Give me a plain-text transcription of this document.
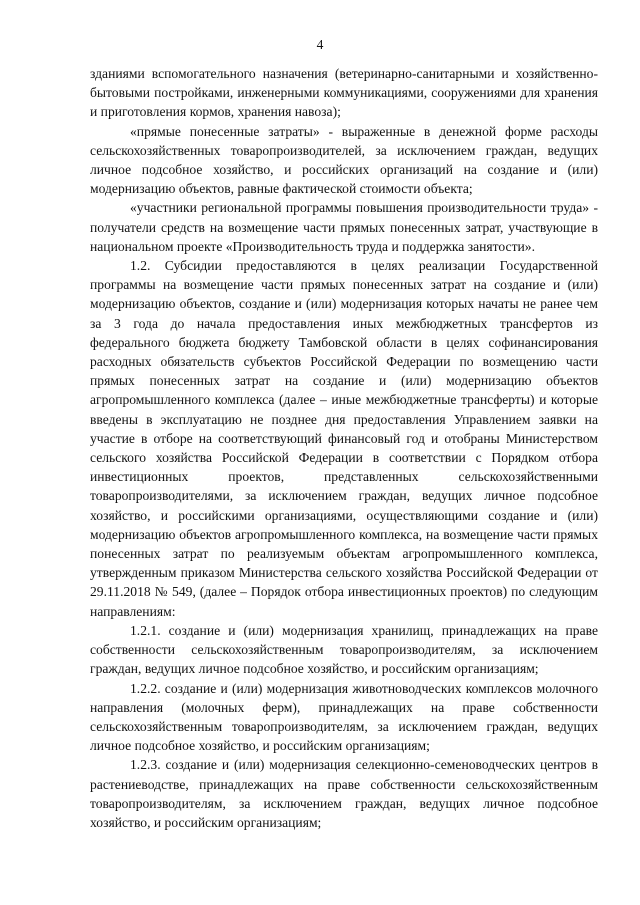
4

зданиями вспомогательного назначения (ветеринарно-санитарными и хозяйственно-бытовыми постройками, инженерными коммуникациями, сооружениями для хранения и приготовления кормов, хранения навоза);

«прямые понесенные затраты» - выраженные в денежной форме расходы сельскохозяйственных товаропроизводителей, за исключением граждан, ведущих личное подсобное хозяйство, и российских организаций на создание и (или) модернизацию объектов, равные фактической стоимости объекта;

«участники региональной программы повышения производительности труда» - получатели средств на возмещение части прямых понесенных затрат, участвующие в национальном проекте «Производительность труда и поддержка занятости».

1.2. Субсидии предоставляются в целях реализации Государственной программы на возмещение части прямых понесенных затрат на создание и (или) модернизацию объектов, создание и (или) модернизация которых начаты не ранее чем за 3 года до начала предоставления иных межбюджетных трансфертов из федерального бюджета бюджету Тамбовской области в целях софинансирования расходных обязательств субъектов Российской Федерации по возмещению части прямых понесенных затрат на создание и (или) модернизацию объектов агропромышленного комплекса (далее – иные межбюджетные трансферты) и которые введены в эксплуатацию не позднее дня предоставления Управлением заявки на участие в отборе на соответствующий финансовый год и отобраны Министерством сельского хозяйства Российской Федерации в соответствии с Порядком отбора инвестиционных проектов, представленных сельскохозяйственными товаропроизводителями, за исключением граждан, ведущих личное подсобное хозяйство, и российскими организациями, осуществляющими создание и (или) модернизацию объектов агропромышленного комплекса, на возмещение части прямых понесенных затрат по реализуемым объектам агропромышленного комплекса, утвержденным приказом Министерства сельского хозяйства Российской Федерации от 29.11.2018 № 549, (далее – Порядок отбора инвестиционных проектов) по следующим направлениям:

1.2.1. создание и (или) модернизация хранилищ, принадлежащих на праве собственности сельскохозяйственным товаропроизводителям, за исключением граждан, ведущих личное подсобное хозяйство, и российским организациям;

1.2.2. создание и (или) модернизация животноводческих комплексов молочного направления (молочных ферм), принадлежащих на праве собственности сельскохозяйственным товаропроизводителям, за исключением граждан, ведущих личное подсобное хозяйство, и российским организациям;

1.2.3. создание и (или) модернизация селекционно-семеноводческих центров в растениеводстве, принадлежащих на праве собственности сельскохозяйственным товаропроизводителям, за исключением граждан, ведущих личное подсобное хозяйство, и российским организациям;
